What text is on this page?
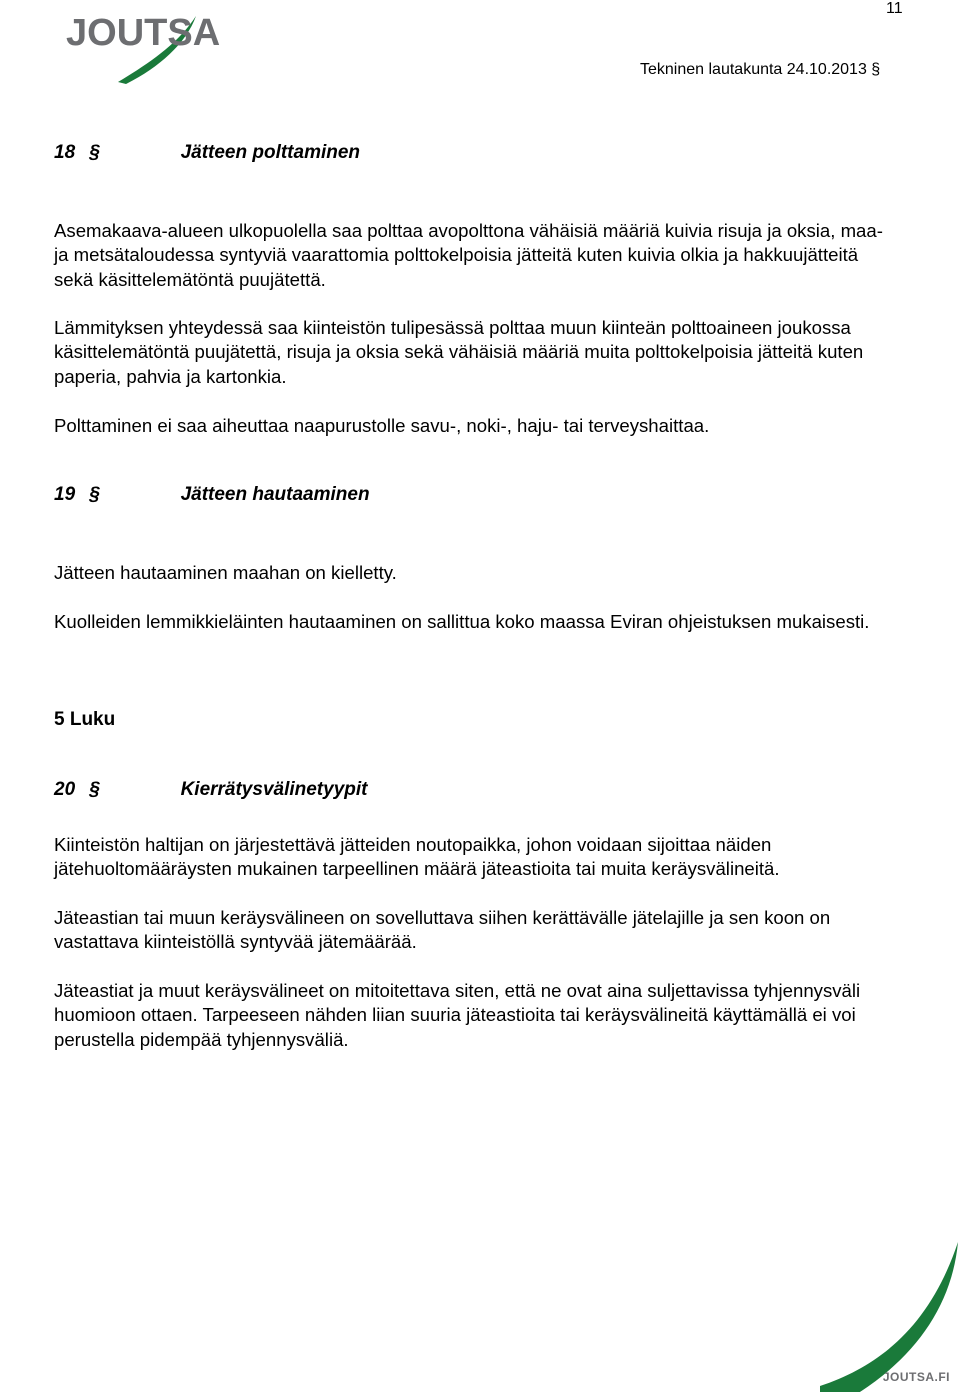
11
JOUTSA
Tekninen lautakunta 24.10.2013 §
18 §	Jätteen polttaminen
Asemakaava-alueen ulkopuolella saa polttaa avopolttona vähäisiä määriä kuivia risuja ja oksia, maa- ja metsätaloudessa syntyviä vaarattomia polttokelpoisia jätteitä kuten kuivia olkia ja hakkuujätteitä sekä käsittelemätöntä puujätettä.
Lämmityksen yhteydessä saa kiinteistön tulipesässä polttaa muun kiinteän polttoaineen joukossa käsittelemätöntä puujätettä, risuja ja oksia sekä vähäisiä määriä muita polttokelpoisia jätteitä kuten paperia, pahvia ja kartonkia.
Polttaminen ei saa aiheuttaa naapurustolle savu-, noki-, haju- tai terveyshaittaa.
19 §	Jätteen hautaaminen
Jätteen hautaaminen maahan on kielletty.
Kuolleiden lemmikkieläinten hautaaminen on sallittua koko maassa Eviran ohjeistuksen mukaisesti.
5 Luku
20 §	Kierrätysvälinetyypit
Kiinteistön haltijan on järjestettävä jätteiden noutopaikka, johon voidaan sijoittaa näiden jätehuoltomääräysten mukainen tarpeellinen määrä jäteastioita tai muita keräysvälineitä.
Jäteastian tai muun keräysvälineen on sovelluttava siihen kerättävälle jätelajille ja sen koon on vastattava kiinteistöllä syntyvää jätemäärää.
Jäteastiat ja muut keräysvälineet on mitoitettava siten, että ne ovat aina suljettavissa tyhjennysväli huomioon ottaen. Tarpeeseen nähden liian suuria jäteastioita tai keräysvälineitä käyttämällä ei voi perustella pidempää tyhjennysväliä.
JOUTSA.FI
